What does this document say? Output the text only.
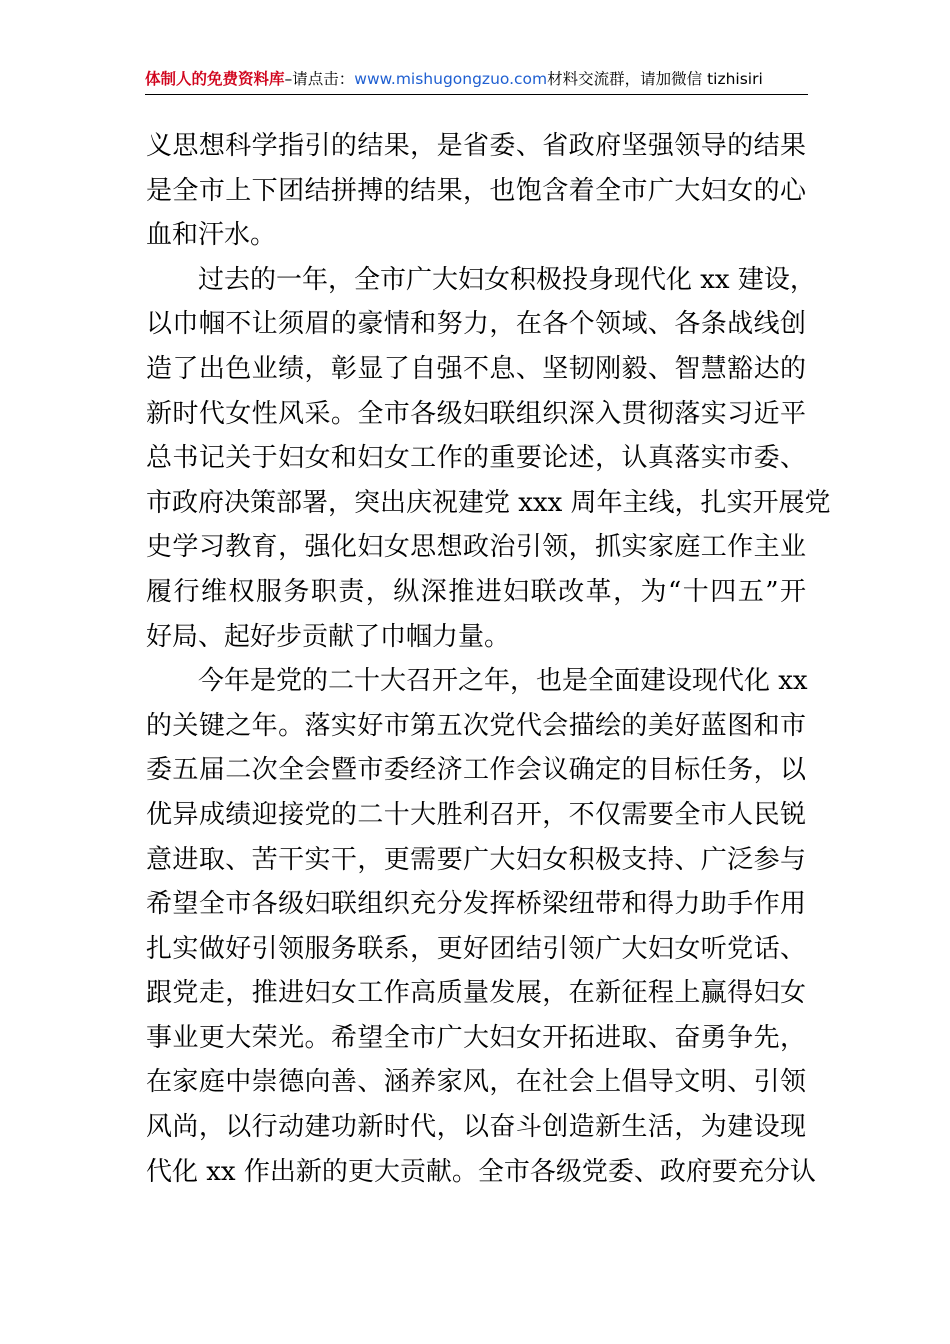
体制人的免费资料库–请点击：www.mishugongzuo.com材料交流群，请加微信 tizhisiri
义思想科学指引的结果，是省委、省政府坚强领导的结果
是全市上下团结拼搏的结果，也饱含着全市广大妇女的心
血和汗水。
过去的一年，全市广大妇女积极投身现代化 xx 建设，
以巾帼不让须眉的豪情和努力，在各个领域、各条战线创
造了出色业绩，彰显了自强不息、坚韧刚毅、智慧豁达的
新时代女性风采。全市各级妇联组织深入贯彻落实习近平
总书记关于妇女和妇女工作的重要论述，认真落实市委、
市政府决策部署，突出庆祝建党 xxx 周年主线，扎实开展党
史学习教育，强化妇女思想政治引领，抓实家庭工作主业
履行维权服务职责，纵深推进妇联改革，为“十四五”开
好局、起好步贡献了巾帼力量。
今年是党的二十大召开之年，也是全面建设现代化 xx
的关键之年。落实好市第五次党代会描绘的美好蓝图和市
委五届二次全会暨市委经济工作会议确定的目标任务，以
优异成绩迎接党的二十大胜利召开，不仅需要全市人民锐
意进取、苦干实干，更需要广大妇女积极支持、广泛参与
希望全市各级妇联组织充分发挥桥梁纽带和得力助手作用
扎实做好引领服务联系，更好团结引领广大妇女听党话、
跟党走，推进妇女工作高质量发展，在新征程上赢得妇女
事业更大荣光。希望全市广大妇女开拓进取、奋勇争先，
在家庭中崇德向善、涵养家风，在社会上倡导文明、引领
风尚，以行动建功新时代，以奋斗创造新生活，为建设现
代化 xx 作出新的更大贡献。全市各级党委、政府要充分认
